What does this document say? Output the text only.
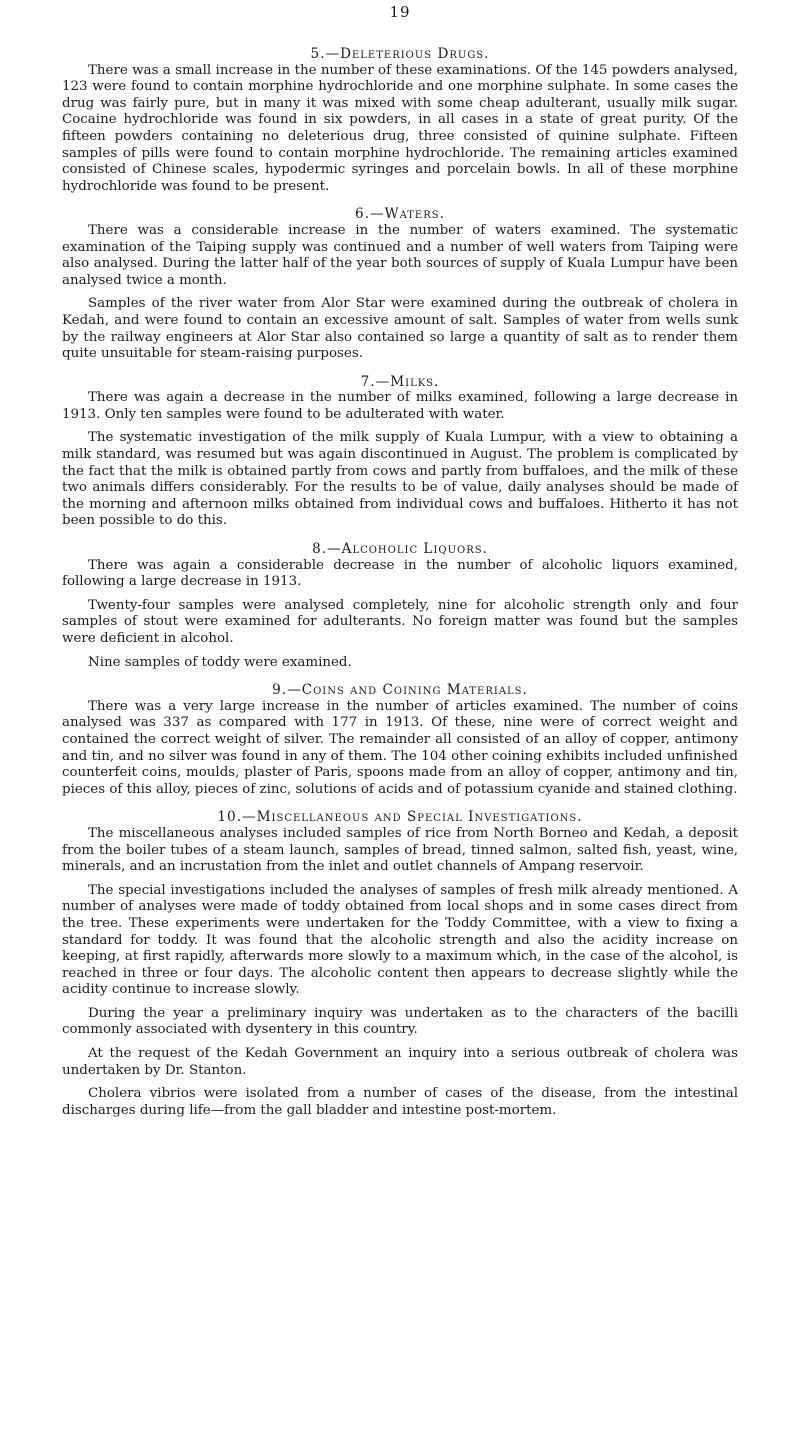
19
5.—Deleterious Drugs.

There was a small increase in the number of these examinations. Of the 145 powders analysed, 123 were found to contain morphine hydrochloride and one morphine sulphate. In some cases the drug was fairly pure, but in many it was mixed with some cheap adulterant, usually milk sugar. Cocaine hydrochloride was found in six powders, in all cases in a state of great purity. Of the fifteen powders containing no deleterious drug, three consisted of quinine sulphate. Fifteen samples of pills were found to contain morphine hydrochloride. The remaining articles examined consisted of Chinese scales, hypodermic syringes and porcelain bowls. In all of these morphine hydrochloride was found to be present.

6.—Waters.

There was a considerable increase in the number of waters examined. The systematic examination of the Taiping supply was continued and a number of well waters from Taiping were also analysed. During the latter half of the year both sources of supply of Kuala Lumpur have been analysed twice a month.

Samples of the river water from Alor Star were examined during the outbreak of cholera in Kedah, and were found to contain an excessive amount of salt. Samples of water from wells sunk by the railway engineers at Alor Star also contained so large a quantity of salt as to render them quite unsuitable for steam-raising purposes.

7.—Milks.

There was again a decrease in the number of milks examined, following a large decrease in 1913. Only ten samples were found to be adulterated with water.

The systematic investigation of the milk supply of Kuala Lumpur, with a view to obtaining a milk standard, was resumed but was again discontinued in August. The problem is complicated by the fact that the milk is obtained partly from cows and partly from buffaloes, and the milk of these two animals differs considerably. For the results to be of value, daily analyses should be made of the morning and afternoon milks obtained from individual cows and buffaloes. Hitherto it has not been possible to do this.

8.—Alcoholic Liquors.

There was again a considerable decrease in the number of alcoholic liquors examined, following a large decrease in 1913.

Twenty-four samples were analysed completely, nine for alcoholic strength only and four samples of stout were examined for adulterants. No foreign matter was found but the samples were deficient in alcohol.

Nine samples of toddy were examined.

9.—Coins and Coining Materials.

There was a very large increase in the number of articles examined. The number of coins analysed was 337 as compared with 177 in 1913. Of these, nine were of correct weight and contained the correct weight of silver. The remainder all consisted of an alloy of copper, antimony and tin, and no silver was found in any of them. The 104 other coining exhibits included unfinished counterfeit coins, moulds, plaster of Paris, spoons made from an alloy of copper, antimony and tin, pieces of this alloy, pieces of zinc, solutions of acids and of potassium cyanide and stained clothing.

10.—Miscellaneous and Special Investigations.

The miscellaneous analyses included samples of rice from North Borneo and Kedah, a deposit from the boiler tubes of a steam launch, samples of bread, tinned salmon, salted fish, yeast, wine, minerals, and an incrustation from the inlet and outlet channels of Ampang reservoir.

The special investigations included the analyses of samples of fresh milk already mentioned. A number of analyses were made of toddy obtained from local shops and in some cases direct from the tree. These experiments were undertaken for the Toddy Committee, with a view to fixing a standard for toddy. It was found that the alcoholic strength and also the acidity increase on keeping, at first rapidly, afterwards more slowly to a maximum which, in the case of the alcohol, is reached in three or four days. The alcoholic content then appears to decrease slightly while the acidity continue to increase slowly.

During the year a preliminary inquiry was undertaken as to the characters of the bacilli commonly associated with dysentery in this country.

At the request of the Kedah Government an inquiry into a serious outbreak of cholera was undertaken by Dr. Stanton.

Cholera vibrios were isolated from a number of cases of the disease, from the intestinal discharges during life—from the gall bladder and intestine post-mortem.
